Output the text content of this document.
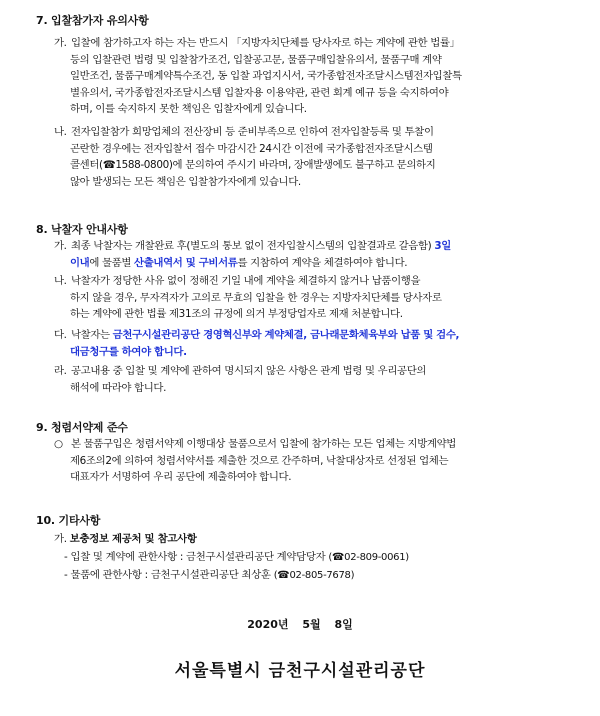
7. 입찰참가자 유의사항
가. 입찰에 참가하고자 하는 자는 반드시 「지방자치단체를 당사자로 하는 계약에 관한 법률」
등의 입찰관련 법령 및 입찰참가조건, 입찰공고문, 물품구매입찰유의서, 물품구매 계약
일반조건, 물품구매계약특수조건, 동 입찰 과업지시서, 국가종합전자조달시스템전자입찰특
별유의서, 국가종합전자조달시스템 입찰자용 이용약관, 관련 회계 예규 등을 숙지하여야
하며, 이를 숙지하지 못한 책임은 입찰자에게 있습니다.
나. 전자입찰참가 희망업체의 전산장비 등 준비부족으로 인하여 전자입찰등록 및 투찰이
곤란한 경우에는 전자입찰서 접수 마감시간 24시간 이전에 국가종합전자조달시스템
콜센터(☎1588-0800)에 문의하여 주시기 바라며, 장애발생에도 불구하고 문의하지
않아 발생되는 모든 책임은 입찰참가자에게 있습니다.
8. 낙찰자 안내사항
가. 최종 낙찰자는 개찰완료 후(별도의 통보 없이 전자입찰시스템의 입찰결과로 갈음함) 3일
이내에 물품별 산출내역서 및 구비서류를 지참하여 계약을 체결하여야 합니다.
나. 낙찰자가 정당한 사유 없이 정해진 기일 내에 계약을 체결하지 않거나 납품이행을
하지 않을 경우, 무자격자가 고의로 무효의 입찰을 한 경우는 지방자치단체를 당사자로
하는 계약에 관한 법률 제31조의 규정에 의거 부정당업자로 제재 처분합니다.
다. 낙찰자는 금천구시설관리공단 경영혁신부와 계약체결, 금나래문화체육부와 납품 및 검수,
대금청구를 하여야 합니다.
라. 공고내용 중 입찰 및 계약에 관하여 명시되지 않은 사항은 관계 법령 및 우리공단의
해석에 따라야 합니다.
9. 청렴서약제 준수
○ 본 물품구입은 청렴서약제 이행대상 물품으로서 입찰에 참가하는 모든 업체는 지방계약법
제6조의2에 의하여 청렴서약서를 제출한 것으로 간주하며, 낙찰대상자로 선정된 업체는
대표자가 서명하여 우리 공단에 제출하여야 합니다.
10. 기타사항
가. 보충정보 제공처 및 참고사항
- 입찰 및 계약에 관한사항 : 금천구시설관리공단 계약담당자 (☎02-809-0061)
- 물품에 관한사항 : 금천구시설관리공단 최상훈 (☎02-805-7678)
2020년 5월 8일
서울특별시 금천구시설관리공단
